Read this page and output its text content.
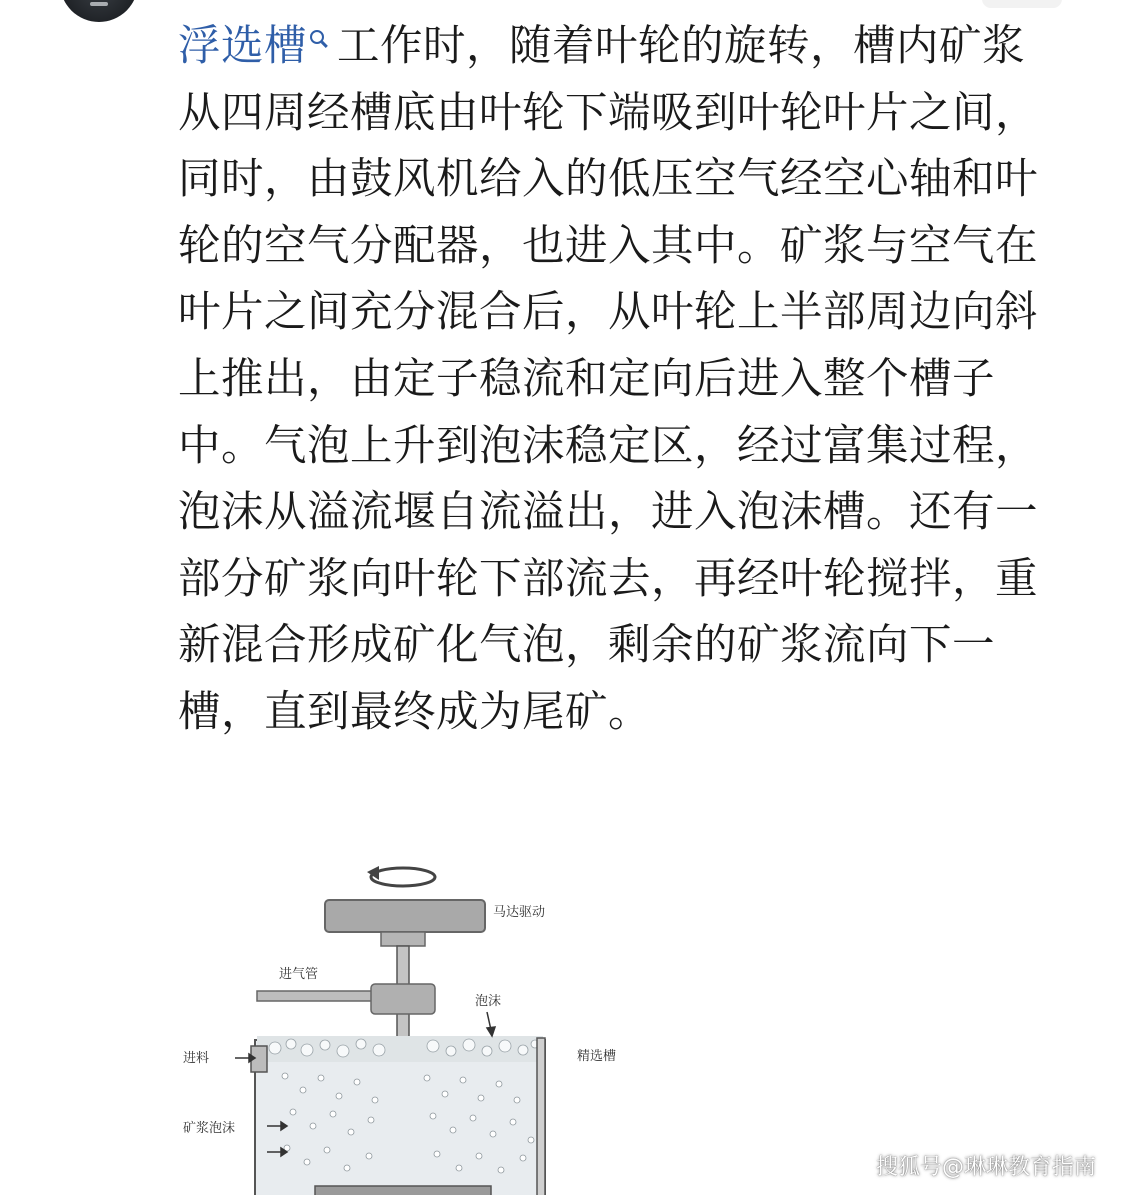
浮选槽 工作时，随着叶轮的旋转，槽内矿浆从四周经槽底由叶轮下端吸到叶轮叶片之间，同时，由鼓风机给入的低压空气经空心轴和叶轮的空气分配器，也进入其中。矿浆与空气在叶片之间充分混合后，从叶轮上半部周边向斜上推出，由定子稳流和定向后进入整个槽子中。气泡上升到泡沫稳定区，经过富集过程，泡沫从溢流堰自流溢出，进入泡沫槽。还有一部分矿浆向叶轮下部流去，再经叶轮搅拌，重新混合形成矿化气泡，剩余的矿浆流向下一槽，直到最终成为尾矿。
马达驱动
进气管
泡沫
进料	精选槽
矿浆泡沫
搜狐号@琳琳教育指南
